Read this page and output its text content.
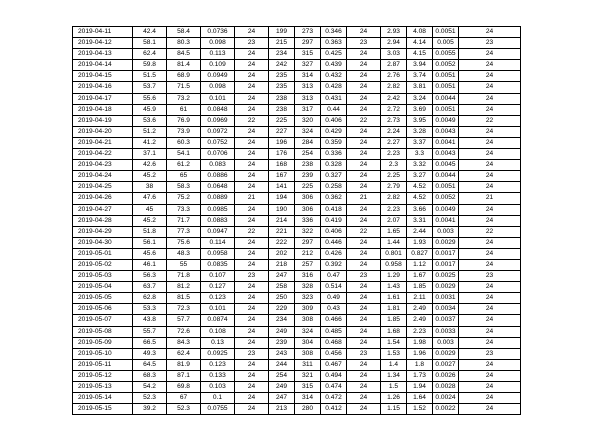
2019-04-11	42.4	58.4	0.0736	24	199	273	0.346	24	2.93	4.08	0.0051	24
2019-04-12	58.1	80.3	0.098	23	215	297	0.363	23	2.94	4.14	0.005	23
2019-04-13	62.4	84.5	0.113	24	234	315	0.425	24	3.03	4.15	0.0055	24
2019-04-14	59.8	81.4	0.109	24	242	327	0.439	24	2.87	3.94	0.0052	24
2019-04-15	51.5	68.9	0.0949	24	235	314	0.432	24	2.76	3.74	0.0051	24
2019-04-16	53.7	71.5	0.098	24	235	313	0.428	24	2.82	3.81	0.0051	24
2019-04-17	55.6	73.2	0.101	24	238	313	0.431	24	2.42	3.24	0.0044	24
2019-04-18	45.9	61	0.0848	24	238	317	0.44	24	2.72	3.69	0.0051	24
2019-04-19	53.6	76.9	0.0969	22	225	320	0.406	22	2.73	3.95	0.0049	22
2019-04-20	51.2	73.9	0.0972	24	227	324	0.429	24	2.24	3.28	0.0043	24
2019-04-21	41.2	60.3	0.0752	24	196	284	0.359	24	2.27	3.37	0.0041	24
2019-04-22	37.1	54.1	0.0706	24	176	254	0.336	24	2.23	3.3	0.0043	24
2019-04-23	42.6	61.2	0.083	24	168	238	0.328	24	2.3	3.32	0.0045	24
2019-04-24	45.2	65	0.0886	24	167	239	0.327	24	2.25	3.27	0.0044	24
2019-04-25	38	58.3	0.0648	24	141	225	0.258	24	2.79	4.52	0.0051	24
2019-04-26	47.6	75.2	0.0889	21	194	306	0.362	21	2.82	4.52	0.0052	21
2019-04-27	45	73.3	0.0985	24	190	306	0.418	24	2.23	3.66	0.0049	24
2019-04-28	45.2	71.7	0.0883	24	214	336	0.419	24	2.07	3.31	0.0041	24
2019-04-29	51.8	77.3	0.0947	22	221	322	0.406	22	1.65	2.44	0.003	22
2019-04-30	56.1	75.6	0.114	24	222	297	0.446	24	1.44	1.93	0.0029	24
2019-05-01	45.6	48.3	0.0958	24	202	212	0.426	24	0.801	0.827	0.0017	24
2019-05-02	46.1	55	0.0835	24	218	257	0.392	24	0.958	1.12	0.0017	24
2019-05-03	56.3	71.8	0.107	23	247	316	0.47	23	1.29	1.67	0.0025	23
2019-05-04	63.7	81.2	0.127	24	258	328	0.514	24	1.43	1.85	0.0029	24
2019-05-05	62.8	81.5	0.123	24	250	323	0.49	24	1.61	2.11	0.0031	24
2019-05-06	53.3	72.3	0.101	24	229	309	0.43	24	1.81	2.49	0.0034	24
2019-05-07	43.8	57.7	0.0874	24	234	308	0.466	24	1.85	2.49	0.0037	24
2019-05-08	55.7	72.6	0.108	24	249	324	0.485	24	1.68	2.23	0.0033	24
2019-05-09	66.5	84.3	0.13	24	239	304	0.468	24	1.54	1.98	0.003	24
2019-05-10	49.3	62.4	0.0925	23	243	308	0.456	23	1.53	1.96	0.0029	23
2019-05-11	64.5	81.9	0.123	24	244	311	0.467	24	1.4	1.8	0.0027	24
2019-05-12	68.3	87.1	0.133	24	254	321	0.494	24	1.34	1.73	0.0026	24
2019-05-13	54.2	69.8	0.103	24	249	315	0.474	24	1.5	1.94	0.0028	24
2019-05-14	52.3	67	0.1	24	247	314	0.472	24	1.26	1.64	0.0024	24
2019-05-15	39.2	52.3	0.0755	24	213	280	0.412	24	1.15	1.52	0.0022	24
